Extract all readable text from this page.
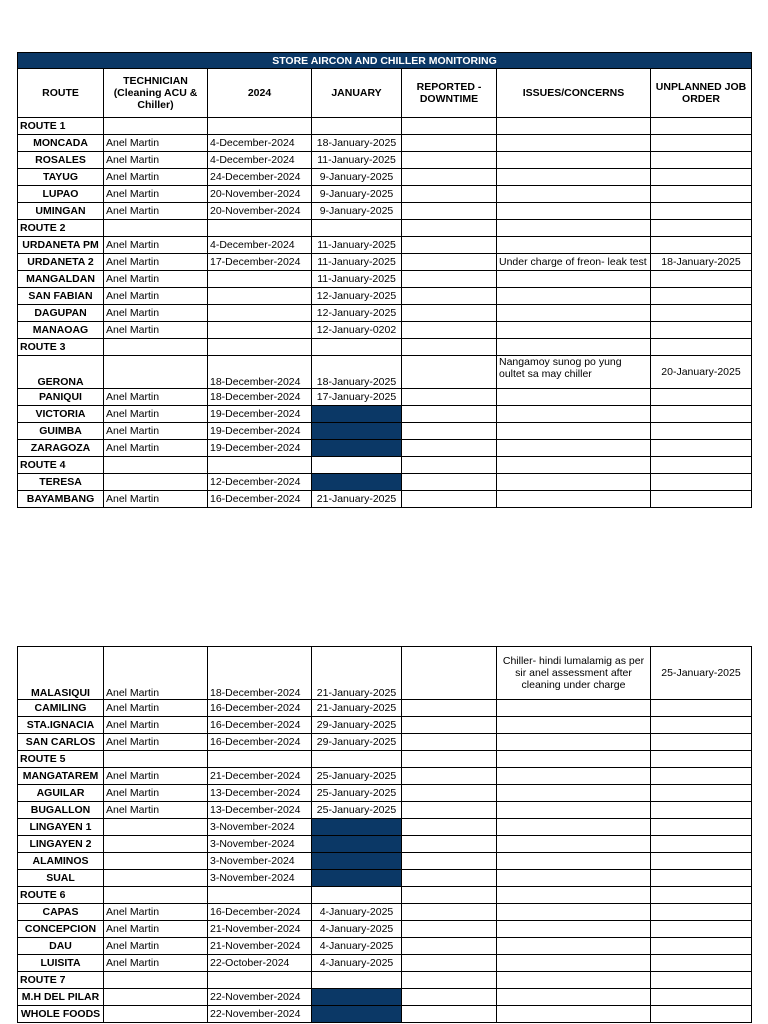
STORE AIRCON AND CHILLER MONITORING						
ROUTE	TECHNICIAN (Cleaning ACU & Chiller)	2024	JANUARY	REPORTED - DOWNTIME	ISSUES/CONCERNS	UNPLANNED JOB ORDER
ROUTE 1						
MONCADA	Anel Martin	4-December-2024	18-January-2025			
ROSALES	Anel Martin	4-December-2024	11-January-2025			
TAYUG	Anel Martin	24-December-2024	9-January-2025			
LUPAO	Anel Martin	20-November-2024	9-January-2025			
UMINGAN	Anel Martin	20-November-2024	9-January-2025			
ROUTE 2						
URDANETA PM	Anel Martin	4-December-2024	11-January-2025			
URDANETA 2	Anel Martin	17-December-2024	11-January-2025		Under charge of freon- leak test	18-January-2025
MANGALDAN	Anel Martin		11-January-2025			
SAN FABIAN	Anel Martin		12-January-2025			
DAGUPAN	Anel Martin		12-January-2025			
MANAOAG	Anel Martin		12-January-0202			
ROUTE 3						
GERONA		18-December-2024	18-January-2025		Nangamoy sunog po yung oultet sa may chiller	20-January-2025
PANIQUI	Anel Martin	18-December-2024	17-January-2025			
VICTORIA	Anel Martin	19-December-2024				
GUIMBA	Anel Martin	19-December-2024				
ZARAGOZA	Anel Martin	19-December-2024				
ROUTE 4						
TERESA		12-December-2024				
BAYAMBANG	Anel Martin	16-December-2024	21-January-2025			
MALASIQUI	Anel Martin	18-December-2024	21-January-2025		Chiller- hindi lumalamig as per sir anel assessment after cleaning under charge	25-January-2025
CAMILING	Anel Martin	16-December-2024	21-January-2025			
STA.IGNACIA	Anel Martin	16-December-2024	29-January-2025			
SAN CARLOS	Anel Martin	16-December-2024	29-January-2025			
ROUTE 5						
MANGATAREM	Anel Martin	21-December-2024	25-January-2025			
AGUILAR	Anel Martin	13-December-2024	25-January-2025			
BUGALLON	Anel Martin	13-December-2024	25-January-2025			
LINGAYEN 1		3-November-2024				
LINGAYEN 2		3-November-2024				
ALAMINOS		3-November-2024				
SUAL		3-November-2024				
ROUTE 6						
CAPAS	Anel Martin	16-December-2024	4-January-2025			
CONCEPCION	Anel Martin	21-November-2024	4-January-2025			
DAU	Anel Martin	21-November-2024	4-January-2025			
LUISITA	Anel Martin	22-October-2024	4-January-2025			
ROUTE 7						
M.H DEL PILAR		22-November-2024				
WHOLE FOODS		22-November-2024				
